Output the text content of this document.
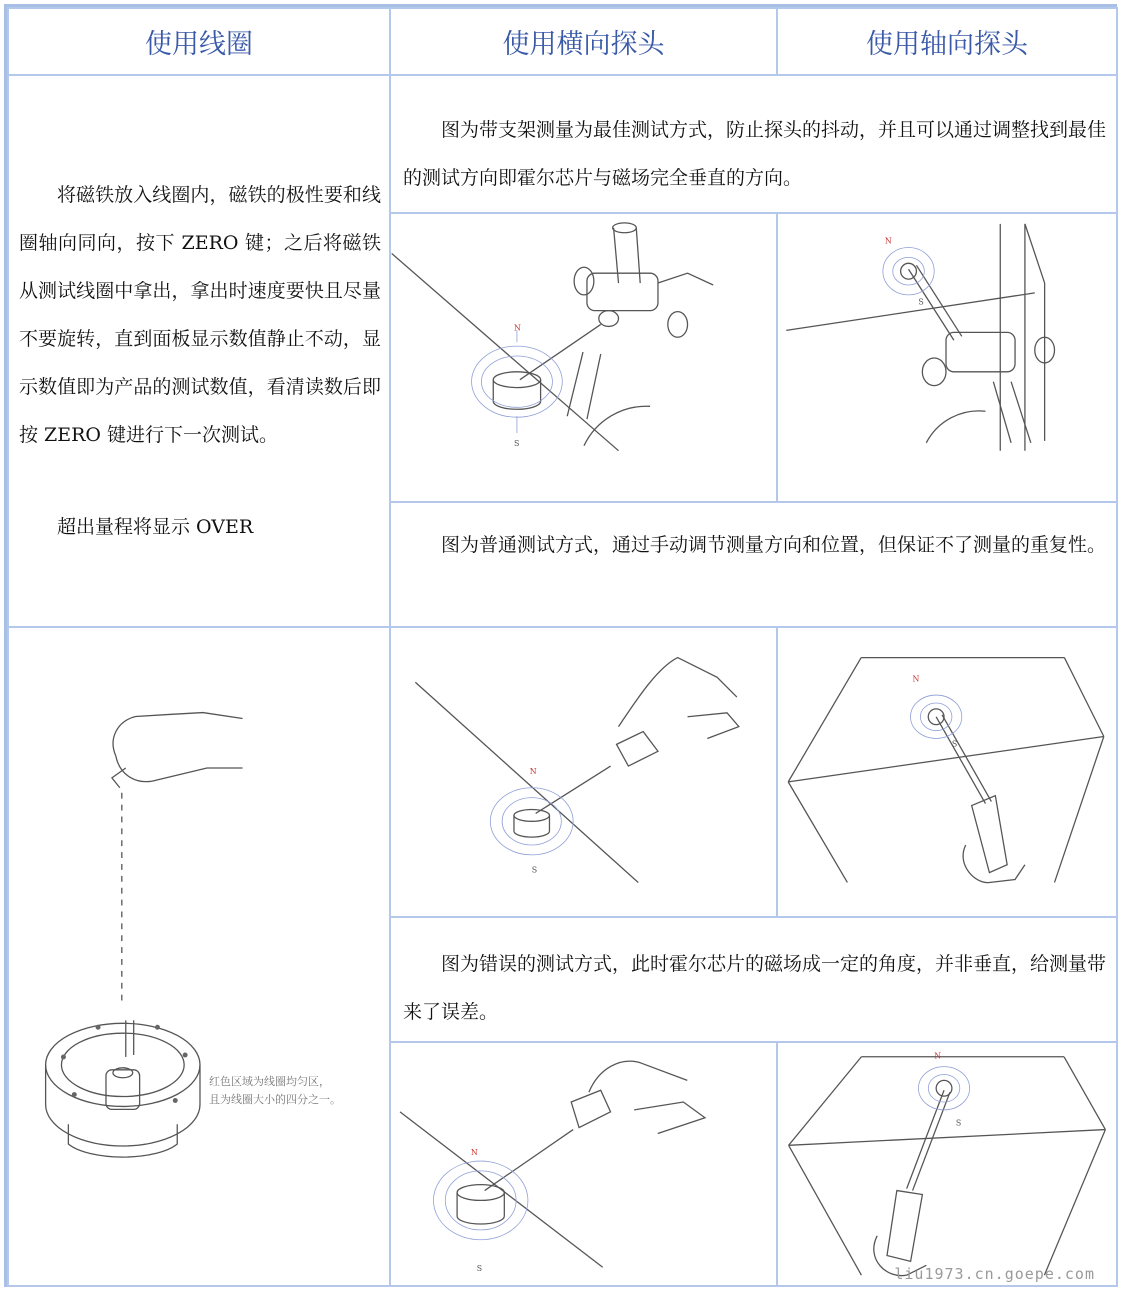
使用线圈	使用横向探头	使用轴向探头
将磁铁放入线圈内，磁铁的极性要和线圈轴向同向，按下 ZERO 键；之后将磁铁从测试线圈中拿出，拿出时速度要快且尽量不要旋转，直到面板显示数值静止不动，显示数值即为产品的测试数值，看清读数后即按 ZERO 键进行下一次测试。
超出量程将显示 OVER
图为带支架测量为最佳测试方式，防止探头的抖动，并且可以通过调整找到最佳的测试方向即霍尔芯片与磁场完全垂直的方向。
N
S
N
S
图为普通测试方式，通过手动调节测量方向和位置，但保证不了测量的重复性。
红色区域为线圈均匀区，
且为线圈大小的四分之一。
N
S
N
S
图为错误的测试方式，此时霍尔芯片的磁场成一定的角度，并非垂直，给测量带来了误差。
N
S
N
S
liu1973.cn.goepe.com
